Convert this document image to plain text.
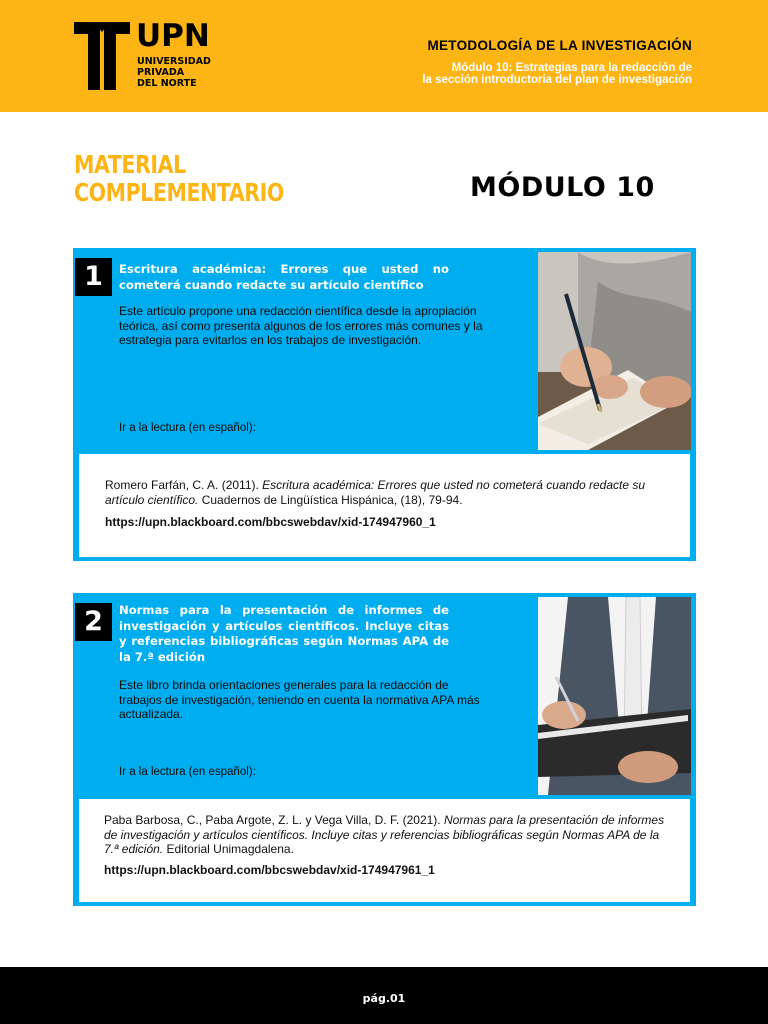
UPN
UNIVERSIDAD
PRIVADA
DEL NORTE
METODOLOGÍA DE LA INVESTIGACIÓN
Módulo 10: Estrategias para la redacción de
la sección introductoria del plan de investigación
MATERIAL
COMPLEMENTARIO	MÓDULO 10
1	Escritura académica: Errores que usted no cometerá cuando redacte su artículo científico
Este artículo propone una redacción científica desde la apropiación teórica, así como presenta algunos de los errores más comunes y la estrategia para evitarlos en los trabajos de investigación.
Ir a la lectura (en español):
Romero Farfán, C. A. (2011). Escritura académica: Errores que usted no cometerá cuando redacte su artículo científico. Cuadernos de Lingüística Hispánica, (18), 79-94.
https://upn.blackboard.com/bbcswebdav/xid-174947960_1
2	Normas para la presentación de informes de investigación y artículos científicos. Incluye citas y referencias bibliográficas según Normas APA de la 7.ª edición
Este libro brinda orientaciones generales para la redacción de trabajos de investigación, teniendo en cuenta la normativa APA más actualizada.
Ir a la lectura (en español):
Paba Barbosa, C., Paba Argote, Z. L. y Vega Villa, D. F. (2021). Normas para la presentación de informes de investigación y artículos científicos. Incluye citas y referencias bibliográficas según Normas APA de la 7.ª edición. Editorial Unimagdalena.
https://upn.blackboard.com/bbcswebdav/xid-174947961_1
pág.01
